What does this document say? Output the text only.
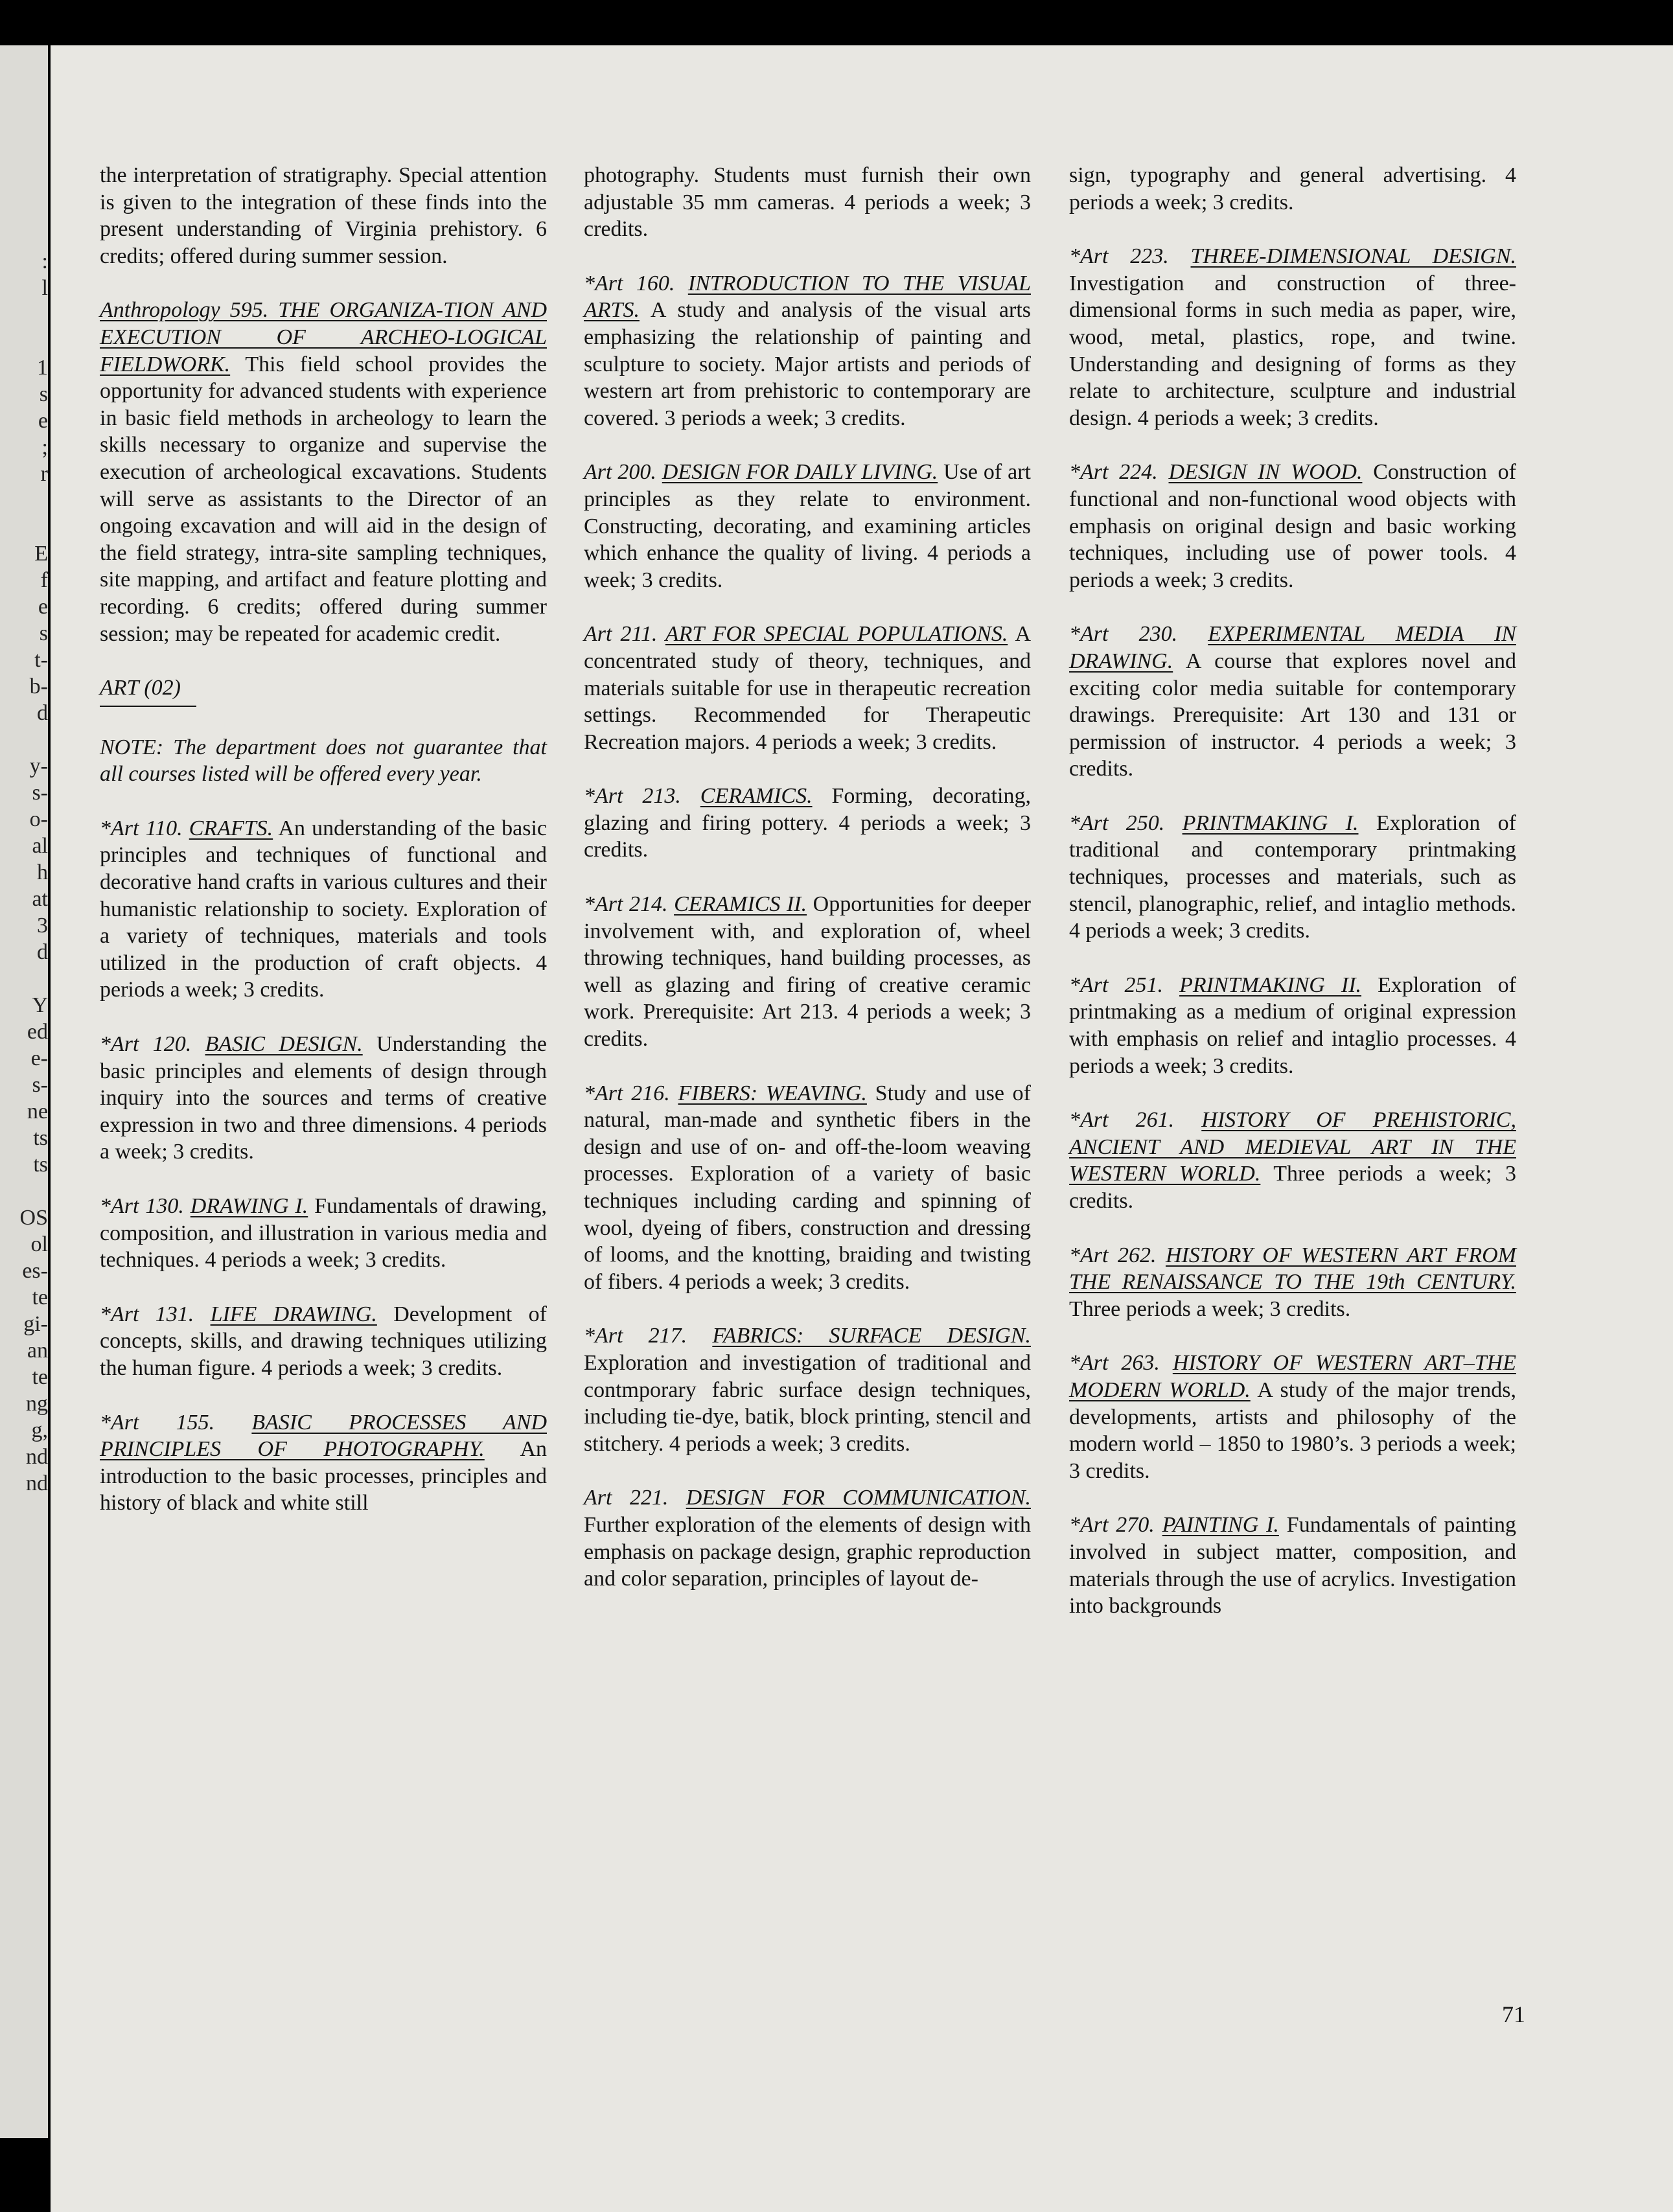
:
l

1
s
e
;
r

E
f
e
s
t-
b-
d

y-
s-
o-
al
h
at
3
d

Y
ed
e-
s-
ne
ts
ts

OS
ol
es-
te
gi-
an
te
ng
g,
nd
nd

the interpretation of stratigraphy. Special attention is given to the integration of these finds into the present understanding of Virginia prehistory. 6 credits; offered during summer session.

Anthropology 595. THE ORGANIZA-TION AND EXECUTION OF ARCHEO-LOGICAL FIELDWORK. This field school provides the opportunity for advanced students with experience in basic field methods in archeology to learn the skills necessary to organize and supervise the execution of archeological excavations. Students will serve as assistants to the Director of an ongoing excavation and will aid in the design of the field strategy, intra-site sampling techniques, site mapping, and artifact and feature plotting and recording. 6 credits; offered during summer session; may be repeated for academic credit.

ART (02)

NOTE: The department does not guarantee that all courses listed will be offered every year.

*Art 110. CRAFTS. An understanding of the basic principles and techniques of functional and decorative hand crafts in various cultures and their humanistic relationship to society. Exploration of a variety of techniques, materials and tools utilized in the production of craft objects. 4 periods a week; 3 credits.

*Art 120. BASIC DESIGN. Understanding the basic principles and elements of design through inquiry into the sources and terms of creative expression in two and three dimensions. 4 periods a week; 3 credits.

*Art 130. DRAWING I. Fundamentals of drawing, composition, and illustration in various media and techniques. 4 periods a week; 3 credits.

*Art 131. LIFE DRAWING. Development of concepts, skills, and drawing techniques utilizing the human figure. 4 periods a week; 3 credits.

*Art 155. BASIC PROCESSES AND PRINCIPLES OF PHOTOGRAPHY. An introduction to the basic processes, principles and history of black and white still

photography. Students must furnish their own adjustable 35 mm cameras. 4 periods a week; 3 credits.

*Art 160. INTRODUCTION TO THE VISUAL ARTS. A study and analysis of the visual arts emphasizing the relationship of painting and sculpture to society. Major artists and periods of western art from prehistoric to contemporary are covered. 3 periods a week; 3 credits.

Art 200. DESIGN FOR DAILY LIVING. Use of art principles as they relate to environment. Constructing, decorating, and examining articles which enhance the quality of living. 4 periods a week; 3 credits.

Art 211. ART FOR SPECIAL POPULATIONS. A concentrated study of theory, techniques, and materials suitable for use in therapeutic recreation settings. Recommended for Therapeutic Recreation majors. 4 periods a week; 3 credits.

*Art 213. CERAMICS. Forming, decorating, glazing and firing pottery. 4 periods a week; 3 credits.

*Art 214. CERAMICS II. Opportunities for deeper involvement with, and exploration of, wheel throwing techniques, hand building processes, as well as glazing and firing of creative ceramic work. Prerequisite: Art 213. 4 periods a week; 3 credits.

*Art 216. FIBERS: WEAVING. Study and use of natural, man-made and synthetic fibers in the design and use of on- and off-the-loom weaving processes. Exploration of a variety of basic techniques including carding and spinning of wool, dyeing of fibers, construction and dressing of looms, and the knotting, braiding and twisting of fibers. 4 periods a week; 3 credits.

*Art 217. FABRICS: SURFACE DESIGN. Exploration and investigation of traditional and contmporary fabric surface design techniques, including tie-dye, batik, block printing, stencil and stitchery. 4 periods a week; 3 credits.

Art 221. DESIGN FOR COMMUNICATION. Further exploration of the elements of design with emphasis on package design, graphic reproduction and color separation, principles of layout de-

sign, typography and general advertising. 4 periods a week; 3 credits.

*Art 223. THREE-DIMENSIONAL DESIGN. Investigation and construction of three-dimensional forms in such media as paper, wire, wood, metal, plastics, rope, and twine. Understanding and designing of forms as they relate to architecture, sculpture and industrial design. 4 periods a week; 3 credits.

*Art 224. DESIGN IN WOOD. Construction of functional and non-functional wood objects with emphasis on original design and basic working techniques, including use of power tools. 4 periods a week; 3 credits.

*Art 230. EXPERIMENTAL MEDIA IN DRAWING. A course that explores novel and exciting color media suitable for contemporary drawings. Prerequisite: Art 130 and 131 or permission of instructor. 4 periods a week; 3 credits.

*Art 250. PRINTMAKING I. Exploration of traditional and contemporary printmaking techniques, processes and materials, such as stencil, planographic, relief, and intaglio methods. 4 periods a week; 3 credits.

*Art 251. PRINTMAKING II. Exploration of printmaking as a medium of original expression with emphasis on relief and intaglio processes. 4 periods a week; 3 credits.

*Art 261. HISTORY OF PREHISTORIC, ANCIENT AND MEDIEVAL ART IN THE WESTERN WORLD. Three periods a week; 3 credits.

*Art 262. HISTORY OF WESTERN ART FROM THE RENAISSANCE TO THE 19th CENTURY. Three periods a week; 3 credits.

*Art 263. HISTORY OF WESTERN ART–THE MODERN WORLD. A study of the major trends, developments, artists and philosophy of the modern world – 1850 to 1980’s. 3 periods a week; 3 credits.

*Art 270. PAINTING I. Fundamentals of painting involved in subject matter, composition, and materials through the use of acrylics. Investigation into backgrounds

71
